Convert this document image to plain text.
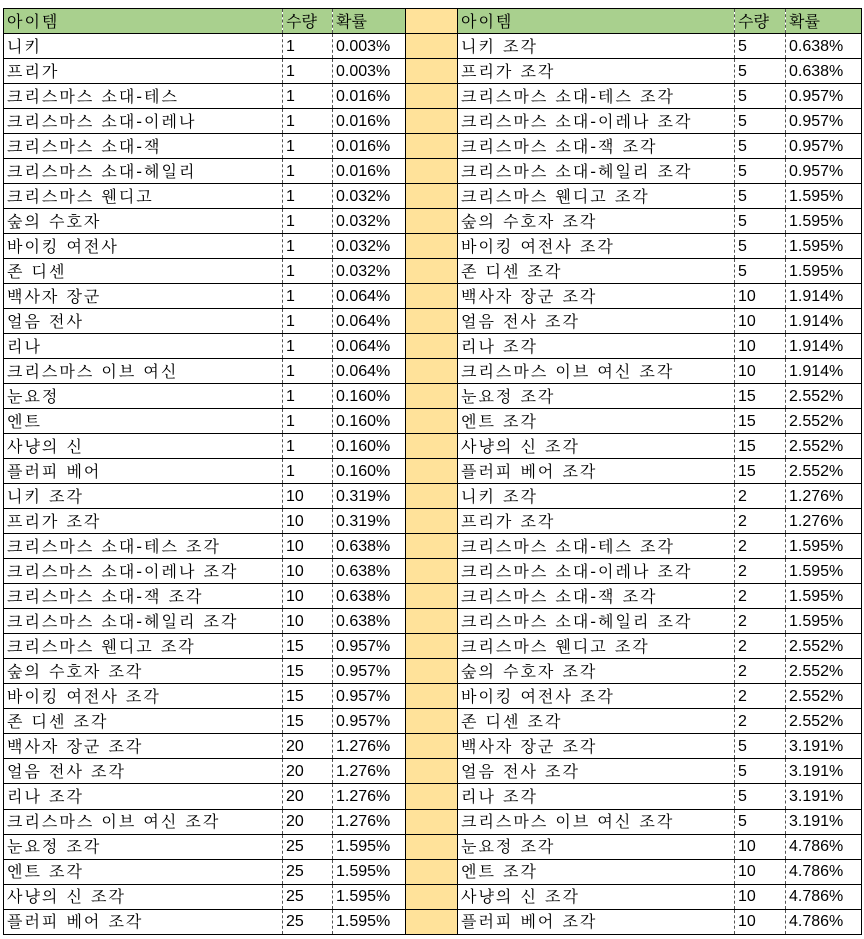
아이템	수량	확률		아이템	수량	확률
니키	1	0.003%		니키 조각	5	0.638%
프리가	1	0.003%		프리가 조각	5	0.638%
크리스마스 소대-테스	1	0.016%		크리스마스 소대-테스 조각	5	0.957%
크리스마스 소대-이레나	1	0.016%		크리스마스 소대-이레나 조각	5	0.957%
크리스마스 소대-잭	1	0.016%		크리스마스 소대-잭 조각	5	0.957%
크리스마스 소대-헤일리	1	0.016%		크리스마스 소대-헤일리 조각	5	0.957%
크리스마스 웬디고	1	0.032%		크리스마스 웬디고 조각	5	1.595%
숲의 수호자	1	0.032%		숲의 수호자 조각	5	1.595%
바이킹 여전사	1	0.032%		바이킹 여전사 조각	5	1.595%
존 디센	1	0.032%		존 디센 조각	5	1.595%
백사자 장군	1	0.064%		백사자 장군 조각	10	1.914%
얼음 전사	1	0.064%		얼음 전사 조각	10	1.914%
리나	1	0.064%		리나 조각	10	1.914%
크리스마스 이브 여신	1	0.064%		크리스마스 이브 여신 조각	10	1.914%
눈요정	1	0.160%		눈요정 조각	15	2.552%
엔트	1	0.160%		엔트 조각	15	2.552%
사냥의 신	1	0.160%		사냥의 신 조각	15	2.552%
플러피 베어	1	0.160%		플러피 베어 조각	15	2.552%
니키 조각	10	0.319%		니키 조각	2	1.276%
프리가 조각	10	0.319%		프리가 조각	2	1.276%
크리스마스 소대-테스 조각	10	0.638%		크리스마스 소대-테스 조각	2	1.595%
크리스마스 소대-이레나 조각	10	0.638%		크리스마스 소대-이레나 조각	2	1.595%
크리스마스 소대-잭 조각	10	0.638%		크리스마스 소대-잭 조각	2	1.595%
크리스마스 소대-헤일리 조각	10	0.638%		크리스마스 소대-헤일리 조각	2	1.595%
크리스마스 웬디고 조각	15	0.957%		크리스마스 웬디고 조각	2	2.552%
숲의 수호자 조각	15	0.957%		숲의 수호자 조각	2	2.552%
바이킹 여전사 조각	15	0.957%		바이킹 여전사 조각	2	2.552%
존 디센 조각	15	0.957%		존 디센 조각	2	2.552%
백사자 장군 조각	20	1.276%		백사자 장군 조각	5	3.191%
얼음 전사 조각	20	1.276%		얼음 전사 조각	5	3.191%
리나 조각	20	1.276%		리나 조각	5	3.191%
크리스마스 이브 여신 조각	20	1.276%		크리스마스 이브 여신 조각	5	3.191%
눈요정 조각	25	1.595%		눈요정 조각	10	4.786%
엔트 조각	25	1.595%		엔트 조각	10	4.786%
사냥의 신 조각	25	1.595%		사냥의 신 조각	10	4.786%
플러피 베어 조각	25	1.595%		플러피 베어 조각	10	4.786%
